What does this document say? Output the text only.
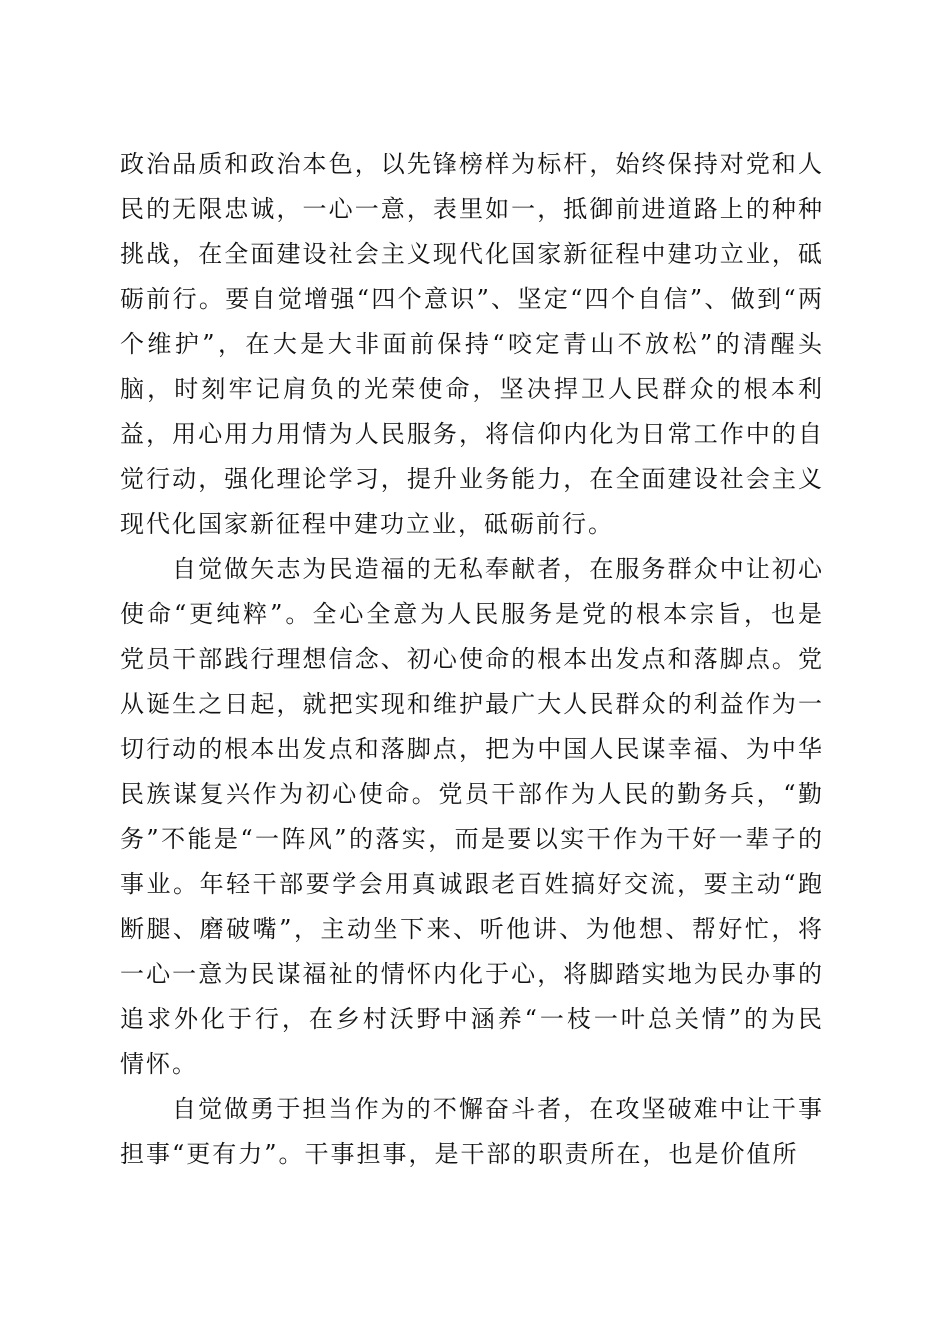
政治品质和政治本色，以先锋榜样为标杆，始终保持对党和人民的无限忠诚，一心一意，表里如一，抵御前进道路上的种种挑战，在全面建设社会主义现代化国家新征程中建功立业，砥砺前行。要自觉增强“四个意识”、坚定“四个自信”、做到“两个维护”，在大是大非面前保持“咬定青山不放松”的清醒头脑，时刻牢记肩负的光荣使命，坚决捍卫人民群众的根本利益，用心用力用情为人民服务，将信仰内化为日常工作中的自觉行动，强化理论学习，提升业务能力，在全面建设社会主义现代化国家新征程中建功立业，砥砺前行。

自觉做矢志为民造福的无私奉献者，在服务群众中让初心使命“更纯粹”。全心全意为人民服务是党的根本宗旨，也是党员干部践行理想信念、初心使命的根本出发点和落脚点。党从诞生之日起，就把实现和维护最广大人民群众的利益作为一切行动的根本出发点和落脚点，把为中国人民谋幸福、为中华民族谋复兴作为初心使命。党员干部作为人民的勤务兵，“勤务”不能是“一阵风”的落实，而是要以实干作为干好一辈子的事业。年轻干部要学会用真诚跟老百姓搞好交流，要主动“跑断腿、磨破嘴”，主动坐下来、听他讲、为他想、帮好忙，将一心一意为民谋福祉的情怀内化于心，将脚踏实地为民办事的追求外化于行，在乡村沃野中涵养“一枝一叶总关情”的为民情怀。

自觉做勇于担当作为的不懈奋斗者，在攻坚破难中让干事担事“更有力”。干事担事，是干部的职责所在，也是价值所
